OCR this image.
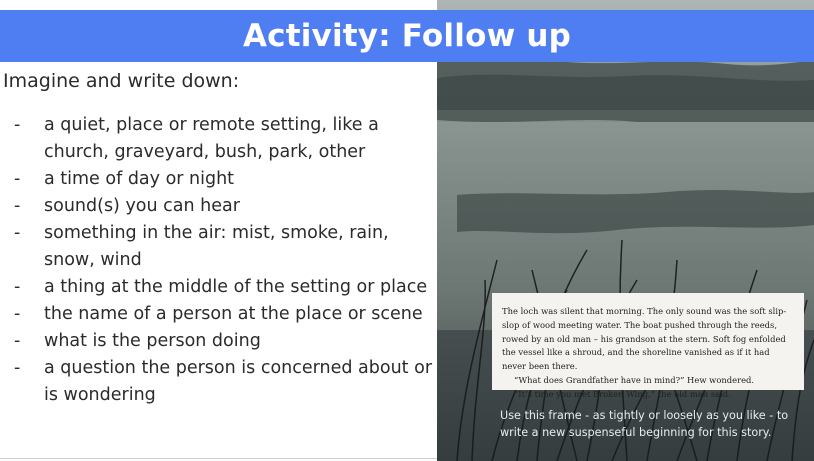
Activity: Follow up

Imagine and write down:

- a quiet, place or remote setting, like a church, graveyard, bush, park, other
- a time of day or night
- sound(s) you can hear
- something in the air: mist, smoke, rain, snow, wind
- a thing at the middle of the setting or place
- the name of a person at the place or scene
- what is the person doing
- a question the person is concerned about or is wondering

The loch was silent that morning. The only sound was the soft slip-slop of wood meeting water. The boat pushed through the reeds, rowed by an old man – his grandson at the stern. Soft fog enfolded the vessel like a shroud, and the shoreline vanished as if it had never been there.

“What does Grandfather have in mind?” Hew wondered.

“It’s time you met Broken Wing,” the old man said.

Use this frame - as tightly or loosely as you like - to write a new suspenseful beginning for this story.
